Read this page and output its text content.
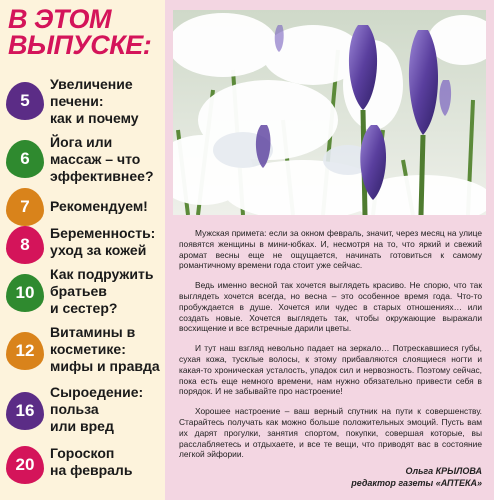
В ЭТОМ
ВЫПУСКЕ:
5
Увеличение
печени:
как и почему
6
Йога или
массаж – что
эффективнее?
7	Рекомендуем!
8
Беременность:
уход за кожей
10
Как подружить
братьев
и сестер?
12
Витамины в
косметике:
мифы и правда
16
Сыроедение:
польза
или вред
20
Гороскоп
на февраль

Мужская примета: если за окном февраль, значит, через месяц на улице появятся женщины в мини-юбках. И, несмотря на то, что яркий и свежий аромат весны еще не ощущается, начинать готовиться к самому романтичному времени года стоит уже сейчас.

Ведь именно весной так хочется выглядеть красиво. Не спорю, что так выглядеть хочется всегда, но весна – это особенное время года. Что-то пробуждается в душе. Хочется или чудес в старых отношениях… или создать новые. Хочется выглядеть так, чтобы окружающие выражали восхищение и все встречные дарили цветы.

И тут наш взгляд невольно падает на зеркало… Потрескавшиеся губы, сухая кожа, тусклые волосы, к этому прибавляются слоящиеся ногти и какая-то хроническая усталость, упадок сил и нервозность. Поэтому сейчас, пока есть еще немного времени, нам нужно обязательно привести себя в порядок. И не забывайте про настроение!

Хорошее настроение – ваш верный спутник на пути к совершенству. Старайтесь получать как можно больше положительных эмоций. Пусть вам их дарят прогулки, занятия спортом, покупки, совершая которые, вы расслабляетесь и отдыхаете, и все те вещи, что приводят вас в состояние легкой эйфории.

Ольга КРЫЛОВА
редактор газеты «АПТЕКА»
